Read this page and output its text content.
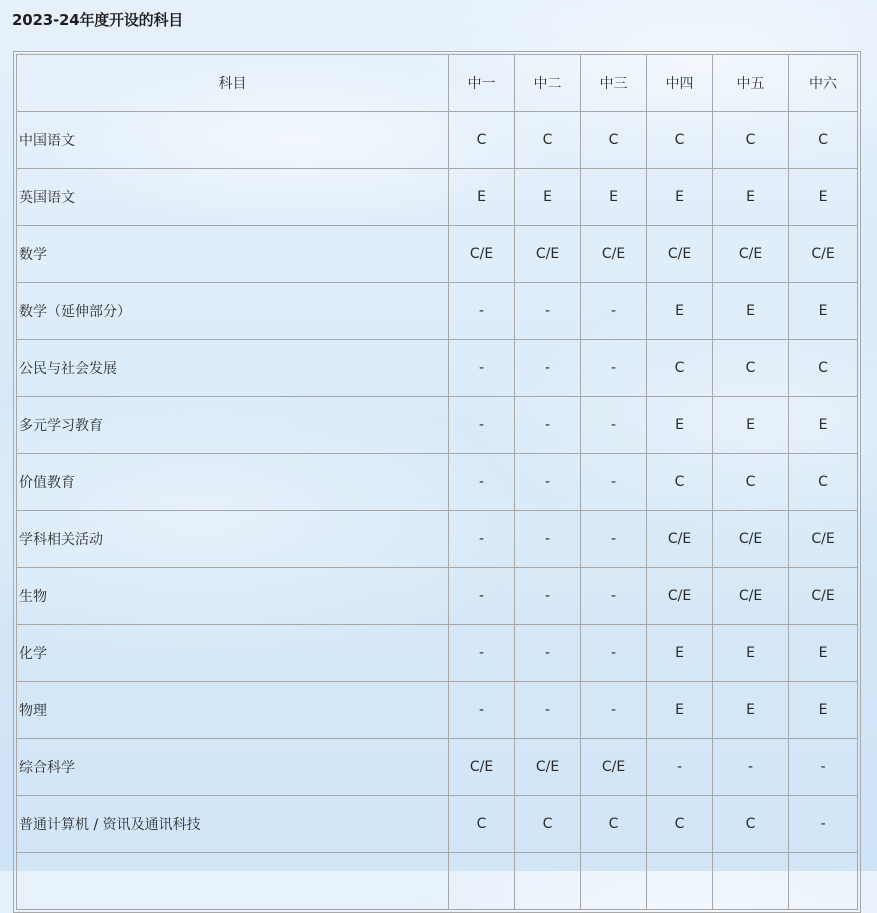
2023-24年度开设的科目
科目	中一	中二	中三	中四	中五	中六
中国语文	C	C	C	C	C	C
英国语文	E	E	E	E	E	E
数学	C/E	C/E	C/E	C/E	C/E	C/E
数学（延伸部分）	-	-	-	E	E	E
公民与社会发展	-	-	-	C	C	C
多元学习教育	-	-	-	E	E	E
价值教育	-	-	-	C	C	C
学科相关活动	-	-	-	C/E	C/E	C/E
生物	-	-	-	C/E	C/E	C/E
化学	-	-	-	E	E	E
物理	-	-	-	E	E	E
综合科学	C/E	C/E	C/E	-	-	-
普通计算机 / 资讯及通讯科技	C	C	C	C	C	-
